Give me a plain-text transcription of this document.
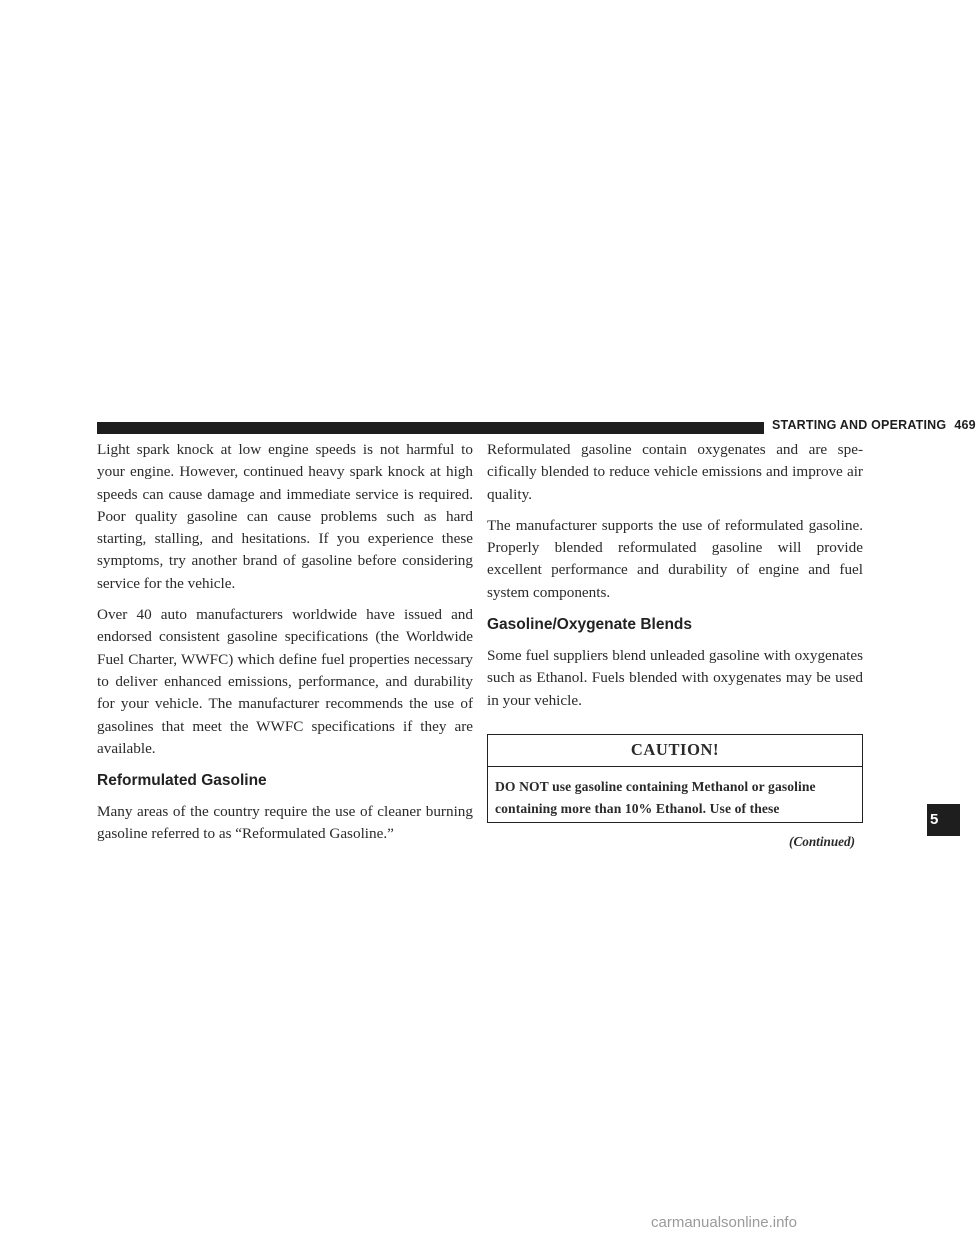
STARTING AND OPERATING 469

Light spark knock at low engine speeds is not harmful to your engine. However, continued heavy spark knock at high speeds can cause damage and immediate service is required. Poor quality gasoline can cause problems such as hard starting, stalling, and hesitations. If you experience these symptoms, try another brand of gasoline before considering service for the vehicle.

Over 40 auto manufacturers worldwide have issued and endorsed consistent gasoline specifications (the Worldwide Fuel Charter, WWFC) which define fuel properties necessary to deliver enhanced emissions, performance, and durability for your vehicle. The manufacturer recommends the use of gasolines that meet the WWFC specifications if they are available.

Reformulated Gasoline

Many areas of the country require the use of cleaner burning gasoline referred to as “Reformulated Gasoline.”

Reformulated gasoline contain oxygenates and are specifically blended to reduce vehicle emissions and improve air quality.

The manufacturer supports the use of reformulated gasoline. Properly blended reformulated gasoline will provide excellent performance and durability of engine and fuel system components.

Gasoline/Oxygenate Blends

Some fuel suppliers blend unleaded gasoline with oxygenates such as Ethanol. Fuels blended with oxygenates may be used in your vehicle.

CAUTION!
DO NOT use gasoline containing Methanol or gasoline containing more than 10% Ethanol. Use of these
(Continued)
5
carmanualsonline.info
